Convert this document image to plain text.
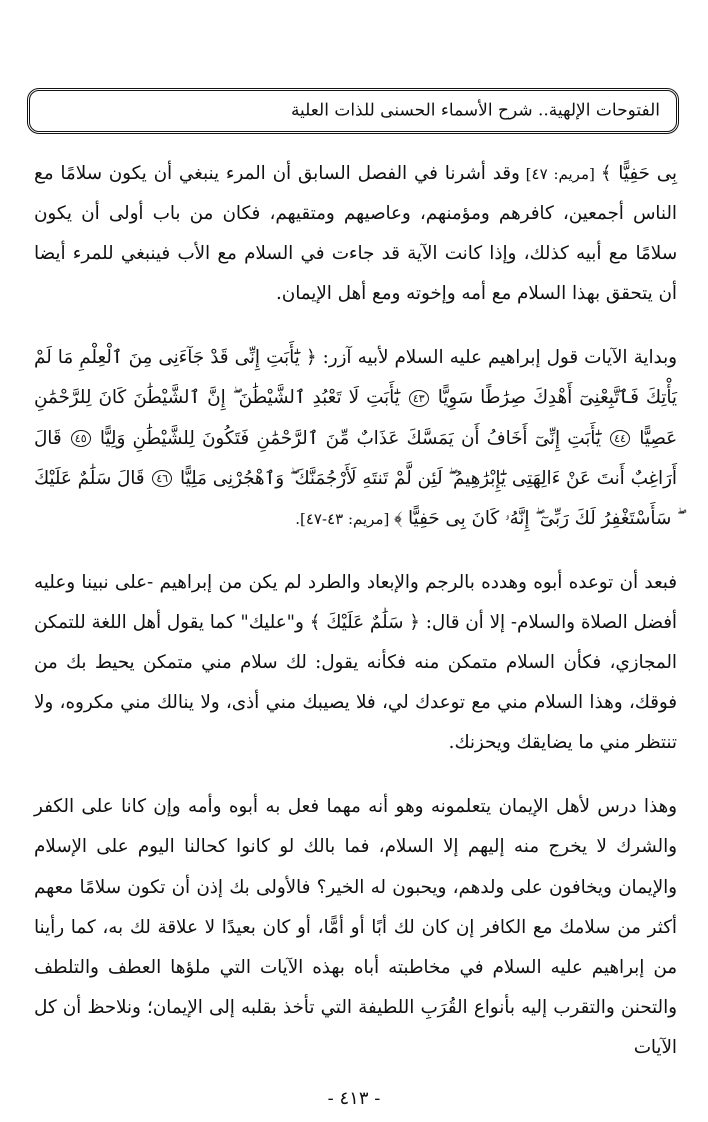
الفتوحات الإلهية.. شرح الأسماء الحسنى للذات العلية

بِى حَفِيًّا ﴾ [مريم: ٤٧] وقد أشرنا في الفصل السابق أن المرء ينبغي أن يكون سلامًا مع الناس أجمعين، كافرهم ومؤمنهم، وعاصيهم ومتقيهم، فكان من باب أولى أن يكون سلامًا مع أبيه كذلك، وإذا كانت الآية قد جاءت في السلام مع الأب فينبغي للمرء أيضا أن يتحقق بهذا السلام مع أمه وإخوته ومع أهل الإيمان.

وبداية الآيات قول إبراهيم عليه السلام لأبيه آزر: ﴿ يَٰٓأَبَتِ إِنِّى قَدْ جَآءَنِى مِنَ ٱلْعِلْمِ مَا لَمْ يَأْتِكَ فَٱتَّبِعْنِىٓ أَهْدِكَ صِرَٰطًا سَوِيًّا ٤٣ يَٰٓأَبَتِ لَا تَعْبُدِ ٱلشَّيْطَٰنَ ۖ إِنَّ ٱلشَّيْطَٰنَ كَانَ لِلرَّحْمَٰنِ عَصِيًّا ٤٤ يَٰٓأَبَتِ إِنِّىٓ أَخَافُ أَن يَمَسَّكَ عَذَابٌ مِّنَ ٱلرَّحْمَٰنِ فَتَكُونَ لِلشَّيْطَٰنِ وَلِيًّا ٤٥ قَالَ أَرَاغِبٌ أَنتَ عَنْ ءَالِهَتِى يَٰٓإِبْرَٰهِيمُ ۖ لَئِن لَّمْ تَنتَهِ لَأَرْجُمَنَّكَ ۖ وَٱهْجُرْنِى مَلِيًّا ٤٦ قَالَ سَلَٰمٌ عَلَيْكَ ۖ سَأَسْتَغْفِرُ لَكَ رَبِّىٓ ۖ إِنَّهُۥ كَانَ بِى حَفِيًّا ﴾ [مريم: ٤٣-٤٧].

فبعد أن توعده أبوه وهدده بالرجم والإبعاد والطرد لم يكن من إبراهيم -على نبينا وعليه أفضل الصلاة والسلام- إلا أن قال: ﴿ سَلَٰمٌ عَلَيْكَ ﴾ و"عليك" كما يقول أهل اللغة للتمكن المجازي، فكأن السلام متمكن منه فكأنه يقول: لك سلام مني متمكن يحيط بك من فوقك، وهذا السلام مني مع توعدك لي، فلا يصيبك مني أذى، ولا ينالك مني مكروه، ولا تنتظر مني ما يضايقك ويحزنك.

وهذا درس لأهل الإيمان يتعلمونه وهو أنه مهما فعل به أبوه وأمه وإن كانا على الكفر والشرك لا يخرج منه إليهم إلا السلام، فما بالك لو كانوا كحالنا اليوم على الإسلام والإيمان ويخافون على ولدهم، ويحبون له الخير؟ فالأولى بك إذن أن تكون سلامًا معهم أكثر من سلامك مع الكافر إن كان لك أبًا أو أمًّا، أو كان بعيدًا لا علاقة لك به، كما رأينا من إبراهيم عليه السلام في مخاطبته أباه بهذه الآيات التي ملؤها العطف والتلطف والتحنن والتقرب إليه بأنواع القُرَبِ اللطيفة التي تأخذ بقلبه إلى الإيمان؛ ونلاحظ أن كل الآيات

- ٤١٣ -
